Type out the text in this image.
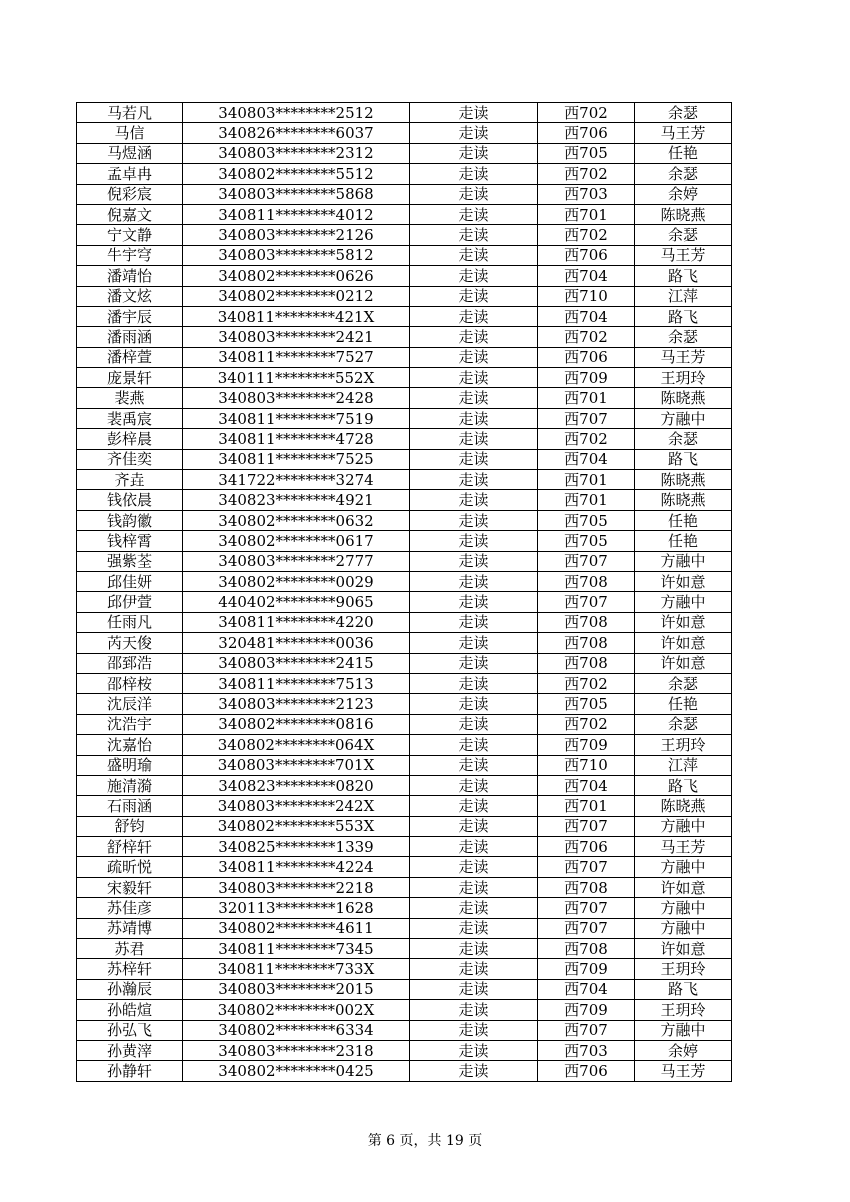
马若凡	340803********2512	走读	西702	余瑟
马信	340826********6037	走读	西706	马王芳
马煜涵	340803********2312	走读	西705	任艳
孟卓冉	340802********5512	走读	西702	余瑟
倪彩宸	340803********5868	走读	西703	余婷
倪嘉文	340811********4012	走读	西701	陈晓燕
宁文静	340803********2126	走读	西702	余瑟
牛宇穹	340803********5812	走读	西706	马王芳
潘靖怡	340802********0626	走读	西704	路飞
潘文炫	340802********0212	走读	西710	江萍
潘宇辰	340811********421X	走读	西704	路飞
潘雨涵	340803********2421	走读	西702	余瑟
潘梓萱	340811********7527	走读	西706	马王芳
庞景轩	340111********552X	走读	西709	王玥玲
裴燕	340803********2428	走读	西701	陈晓燕
裴禹宸	340811********7519	走读	西707	方融中
彭梓晨	340811********4728	走读	西702	余瑟
齐佳奕	340811********7525	走读	西704	路飞
齐垚	341722********3274	走读	西701	陈晓燕
钱依晨	340823********4921	走读	西701	陈晓燕
钱韵徽	340802********0632	走读	西705	任艳
钱梓霄	340802********0617	走读	西705	任艳
强紫荃	340803********2777	走读	西707	方融中
邱佳妍	340802********0029	走读	西708	许如意
邱伊萱	440402********9065	走读	西707	方融中
任雨凡	340811********4220	走读	西708	许如意
芮天俊	320481********0036	走读	西708	许如意
邵郅浩	340803********2415	走读	西708	许如意
邵梓桉	340811********7513	走读	西702	余瑟
沈辰洋	340803********2123	走读	西705	任艳
沈浩宇	340802********0816	走读	西702	余瑟
沈嘉怡	340802********064X	走读	西709	王玥玲
盛明瑜	340803********701X	走读	西710	江萍
施清漪	340823********0820	走读	西704	路飞
石雨涵	340803********242X	走读	西701	陈晓燕
舒钧	340802********553X	走读	西707	方融中
舒梓轩	340825********1339	走读	西706	马王芳
疏昕悦	340811********4224	走读	西707	方融中
宋毅轩	340803********2218	走读	西708	许如意
苏佳彦	320113********1628	走读	西707	方融中
苏靖博	340802********4611	走读	西707	方融中
苏君	340811********7345	走读	西708	许如意
苏梓轩	340811********733X	走读	西709	王玥玲
孙瀚辰	340803********2015	走读	西704	路飞
孙皓煊	340802********002X	走读	西709	王玥玲
孙弘飞	340802********6334	走读	西707	方融中
孙黄滓	340803********2318	走读	西703	余婷
孙静轩	340802********0425	走读	西706	马王芳
第 6 页，共 19 页
